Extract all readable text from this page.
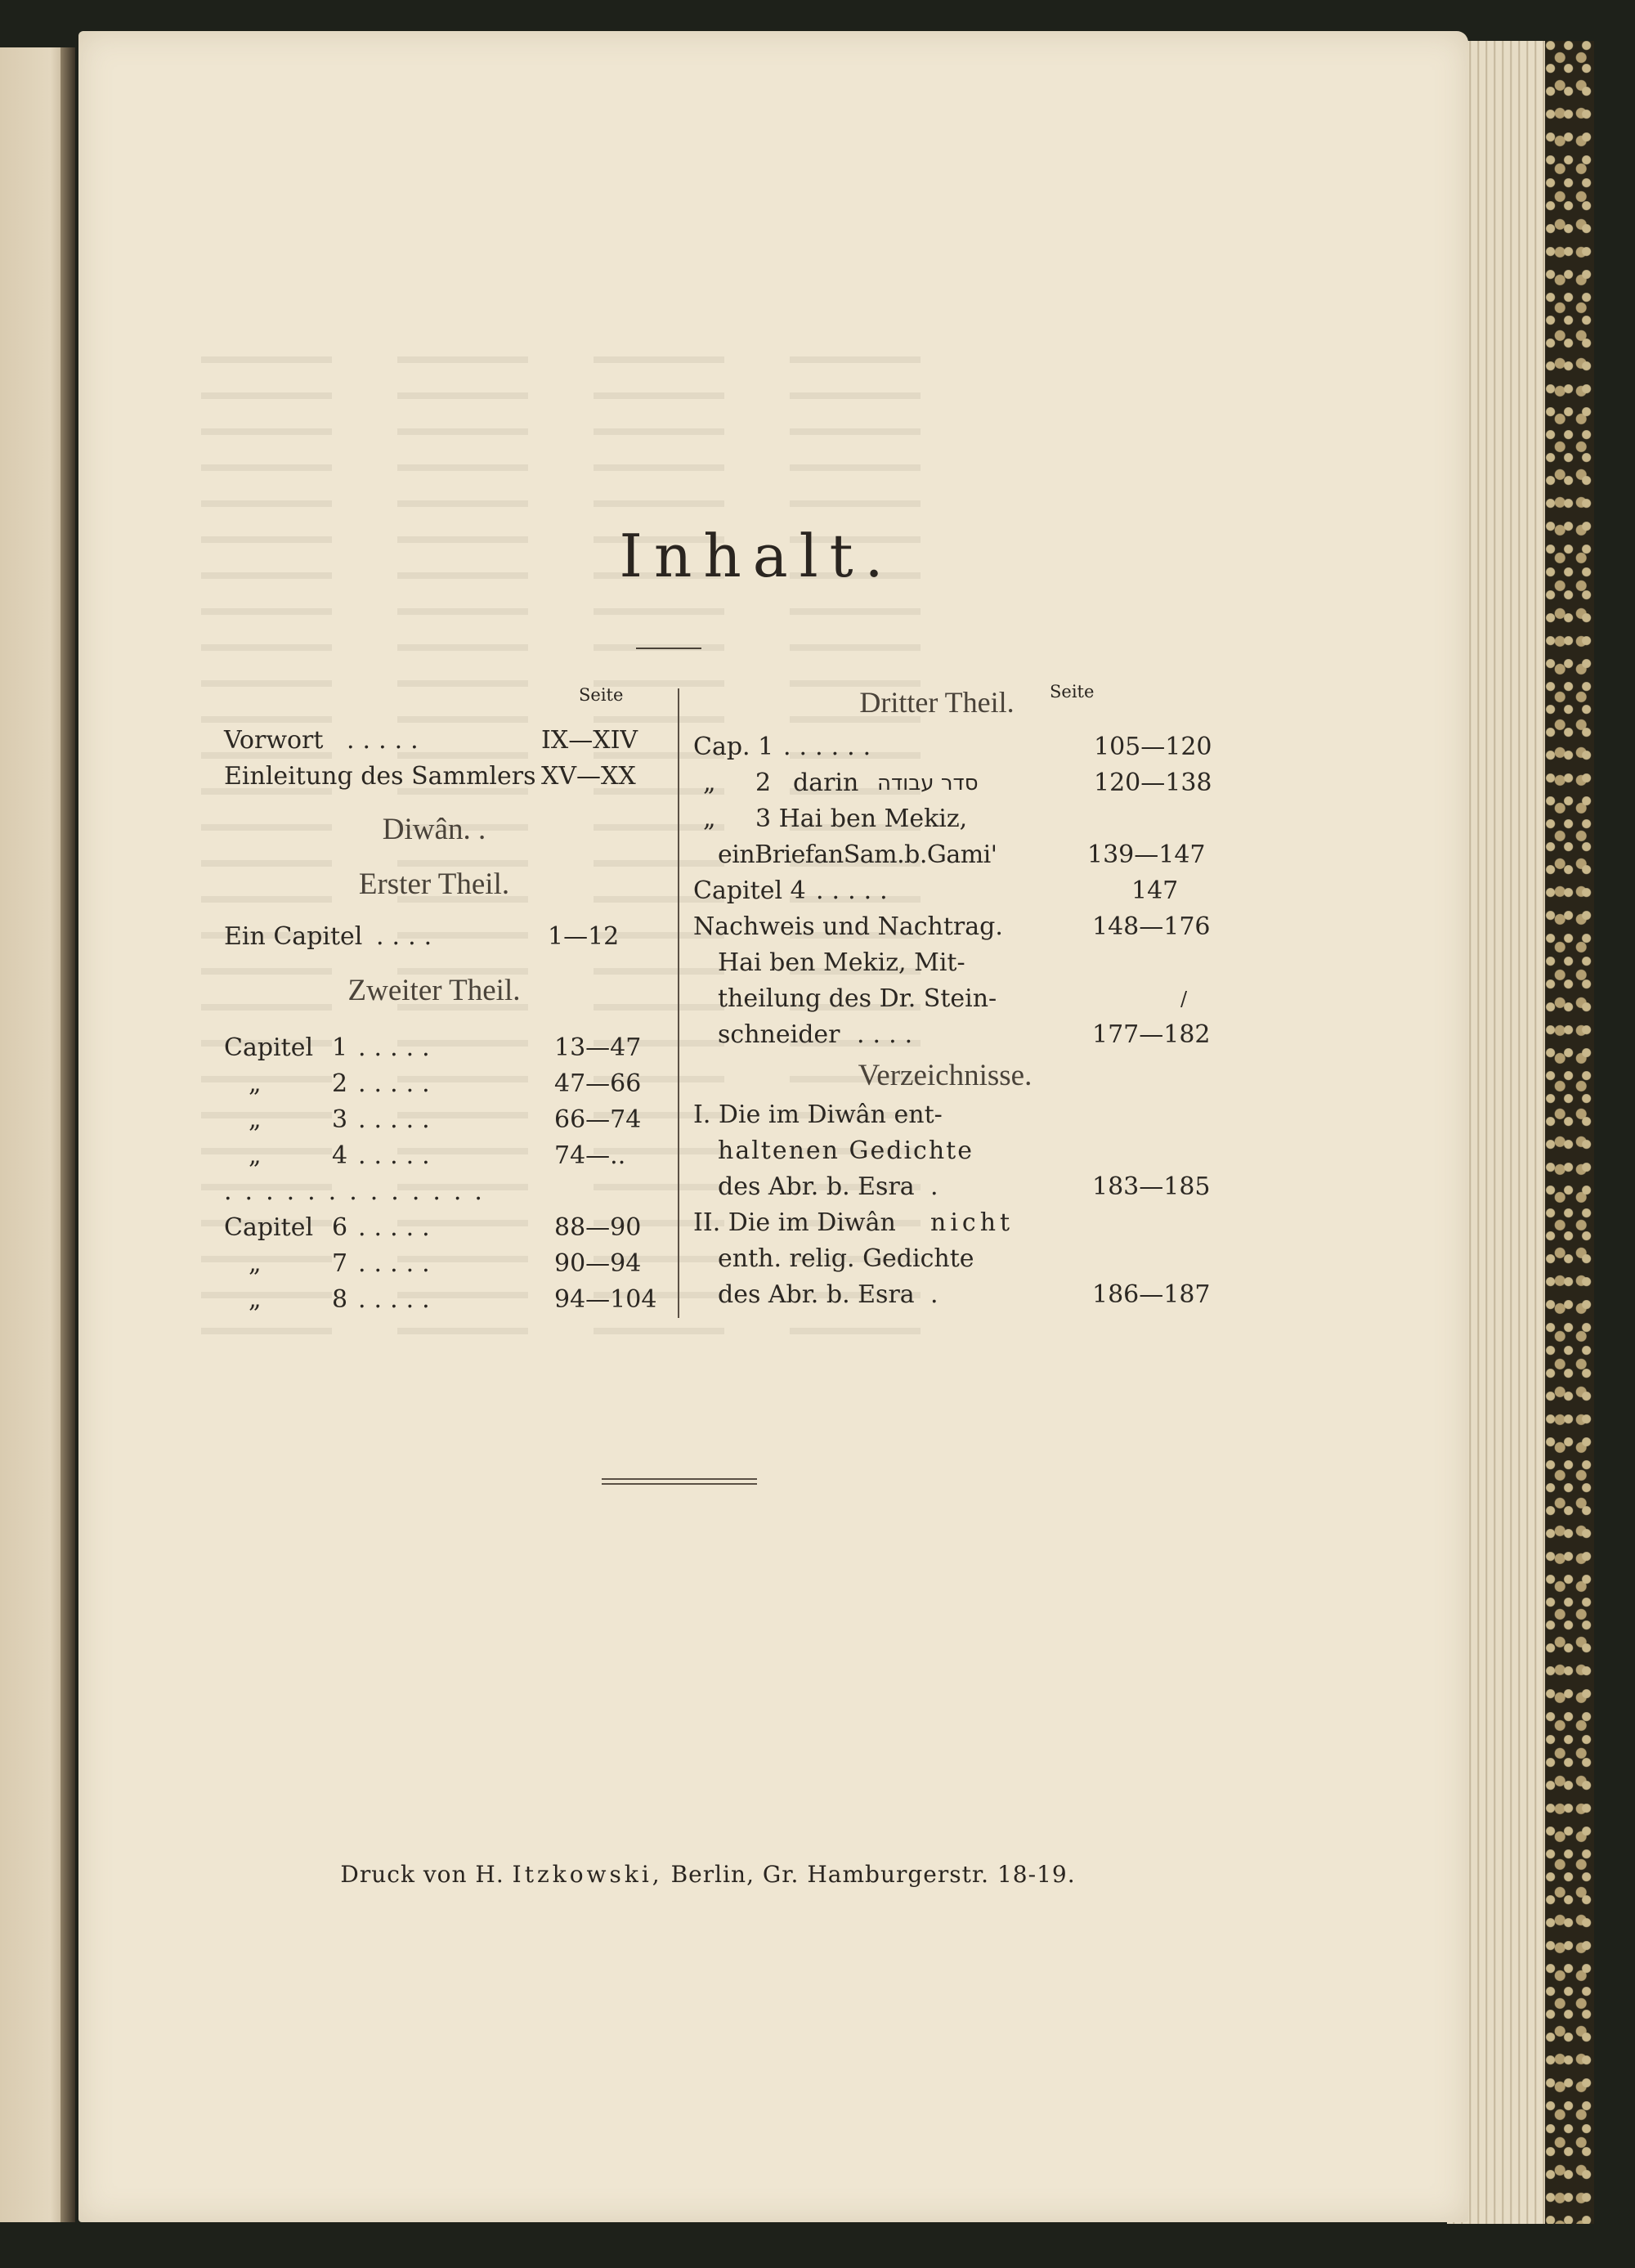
Inhalt.
Seite
Vorwort .....	IX—XIV
Einleitung des Sammlers XV—XX
Diwân. .
Erster Theil.
Ein Capitel ....	1—12
Zweiter Theil.
Capitel 1 .....	13—47
„	2 .....	47—66
„	3 .....	66—74
„	4 .....	74—..
.............
Capitel 6 .....	88—90
„	7 .....	90—94
„	8 .....	94—104
Dritter Theil.	Seite
Cap. 1 ......	105—120
„ 2 darin סדר עבודה	120—138
„ 3 Hai ben Mekiz,
einBriefanSam.b.Gami'	139—147
Capitel 4 .....	147
Nachweis und Nachtrag.	148—176
Hai ben Mekiz, Mit-
theilung des Dr. Stein-	/
schneider ....	177—182
Verzeichnisse.
I. Die im Diwân ent-
haltenen Gedichte
des Abr. b. Esra .	183—185
II. Die im Diwân nicht
enth. relig. Gedichte
des Abr. b. Esra .	186—187
Druck von H. Itzkowski, Berlin, Gr. Hamburgerstr. 18-19.
